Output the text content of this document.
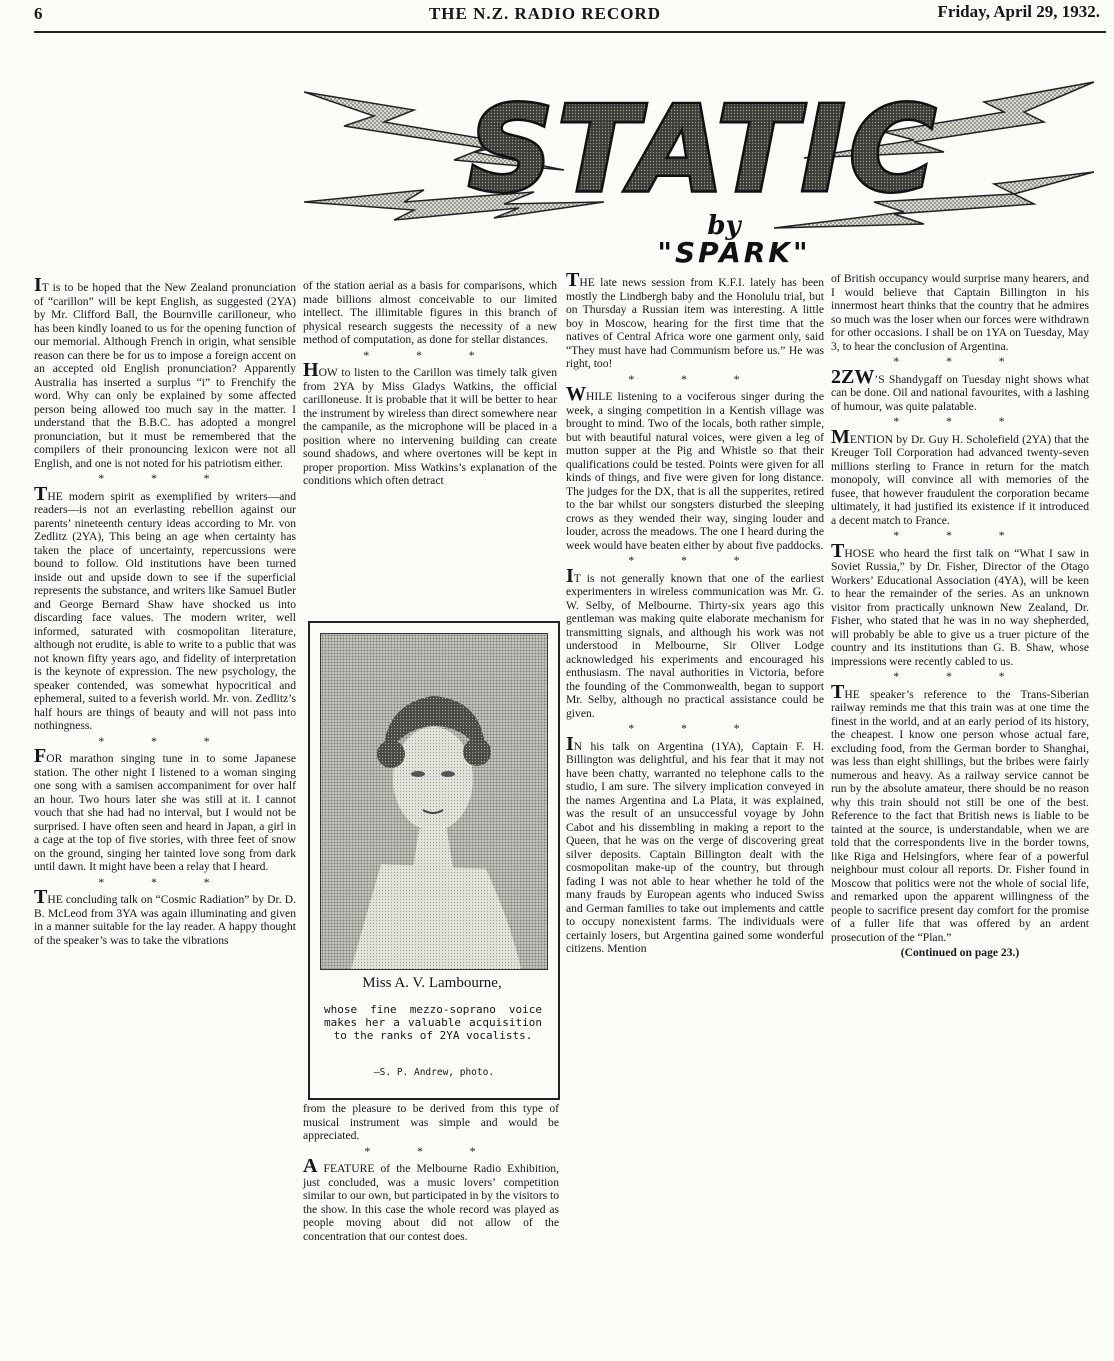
6	THE N.Z. RADIO RECORD	Friday, April 29, 1932.
STATIC
by
"SPARK"

IT is to be hoped that the New Zealand pronunciation of “carillon” will be kept English, as suggested (2YA) by Mr. Clifford Ball, the Bournville carilloneur, who has been kindly loaned to us for the opening function of our memorial. Although French in origin, what sensible reason can there be for us to impose a foreign accent on an accepted old English pronunciation? Apparently Australia has inserted a surplus “i” to Frenchify the word. Why can only be explained by some affected person being allowed too much say in the matter. I understand that the B.B.C. has adopted a mongrel pronunciation, but it must be remembered that the compilers of their pronouncing lexicon were not all English, and one is not noted for his patriotism either.

* * *

THE modern spirit as exemplified by writers—and readers—is not an everlasting rebellion against our parents’ nineteenth century ideas according to Mr. von Zedlitz (2YA), This being an age when certainty has taken the place of uncertainty, repercussions were bound to follow. Old institutions have been turned inside out and upside down to see if the superficial represents the substance, and writers like Samuel Butler and George Bernard Shaw have shocked us into discarding face values. The modern writer, well informed, saturated with cosmopolitan literature, although not erudite, is able to write to a public that was not known fifty years ago, and fidelity of interpretation is the keynote of expression. The new psychology, the speaker contended, was somewhat hypocritical and ephemeral, suited to a feverish world. Mr. von. Zedlitz’s half hours are things of beauty and will not pass into nothingness.

* * *

FOR marathon singing tune in to some Japanese station. The other night I listened to a woman singing one song with a samisen accompaniment for over half an hour. Two hours later she was still at it. I cannot vouch that she had had no interval, but I would not be surprised. I have often seen and heard in Japan, a girl in a cage at the top of five stories, with three feet of snow on the ground, singing her tainted love song from dark until dawn. It might have been a relay that I heard.

* * *

THE concluding talk on “Cosmic Radiation” by Dr. D. B. McLeod from 3YA was again illuminating and given in a manner suitable for the lay reader. A happy thought of the speaker’s was to take the vibrations

of the station aerial as a basis for comparisons, which made billions almost conceivable to our limited intellect. The illimitable figures in this branch of physical research suggests the necessity of a new method of computation, as done for stellar distances.

* * *

HOW to listen to the Carillon was timely talk given from 2YA by Miss Gladys Watkins, the official carilloneuse. It is probable that it will be better to hear the instrument by wireless than direct somewhere near the campanile, as the microphone will be placed in a position where no intervening building can create sound shadows, and where overtones will be kept in proper proportion. Miss Watkins’s explanation of the conditions which often detract

Miss A. V. Lambourne,
whose fine mezzo-soprano voice makes her a valuable acquisition to the ranks of 2YA vocalists.
—S. P. Andrew, photo.

from the pleasure to be derived from this type of musical instrument was simple and would be appreciated.

* * *

A FEATURE of the Melbourne Radio Exhibition, just concluded, was a music lovers’ competition similar to our own, but participated in by the visitors to the show. In this case the whole record was played as people moving about did not allow of the concentration that our contest does.

THE late news session from K.F.I. lately has been mostly the Lindbergh baby and the Honolulu trial, but on Thursday a Russian item was interesting. A little boy in Moscow, hearing for the first time that the natives of Central Africa wore one garment only, said “They must have had Communism before us.” He was right, too!

* * *

WHILE listening to a vociferous singer during the week, a singing competition in a Kentish village was brought to mind. Two of the locals, both rather simple, but with beautiful natural voices, were given a leg of mutton supper at the Pig and Whistle so that their qualifications could be tested. Points were given for all kinds of things, and five were given for long distance. The judges for the DX, that is all the supperites, retired to the bar whilst our songsters disturbed the sleeping crows as they wended their way, singing louder and louder, across the meadows. The one I heard during the week would have beaten either by about five paddocks.

* * *

IT is not generally known that one of the earliest experimenters in wireless communication was Mr. G. W. Selby, of Melbourne. Thirty-six years ago this gentleman was making quite elaborate mechanism for transmitting signals, and although his work was not understood in Melbourne, Sir Oliver Lodge acknowledged his experiments and encouraged his enthusiasm. The naval authorities in Victoria, before the founding of the Commonwealth, began to support Mr. Selby, although no practical assistance could be given.

* * *

IN his talk on Argentina (1YA), Captain F. H. Billington was delightful, and his fear that it may not have been chatty, warranted no telephone calls to the studio, I am sure. The silvery implication conveyed in the names Argentina and La Plata, it was explained, was the result of an unsuccessful voyage by John Cabot and his dissembling in making a report to the Queen, that he was on the verge of discovering great silver deposits. Captain Billington dealt with the cosmopolitan make-up of the country, but through fading I was not able to hear whether he told of the many frauds by European agents who induced Swiss and German families to take out implements and cattle to occupy nonexistent farms. The individuals were certainly losers, but Argentina gained some wonderful citizens. Mention

of British occupancy would surprise many hearers, and I would believe that Captain Billington in his innermost heart thinks that the country that he admires so much was the loser when our forces were withdrawn for other occasions. I shall be on 1YA on Tuesday, May 3, to hear the conclusion of Argentina.

* * *

2ZW’S Shandygaff on Tuesday night shows what can be done. Oil and national favourites, with a lashing of humour, was quite palatable.

* * *

MENTION by Dr. Guy H. Scholefield (2YA) that the Kreuger Toll Corporation had advanced twenty-seven millions sterling to France in return for the match monopoly, will convince all with memories of the fusee, that however fraudulent the corporation became ultimately, it had justified its existence if it introduced a decent match to France.

* * *

THOSE who heard the first talk on “What I saw in Soviet Russia,” by Dr. Fisher, Director of the Otago Workers’ Educational Association (4YA), will be keen to hear the remainder of the series. As an unknown visitor from practically unknown New Zealand, Dr. Fisher, who stated that he was in no way shepherded, will probably be able to give us a truer picture of the country and its institutions than G. B. Shaw, whose impressions were recently cabled to us.

* * *

THE speaker’s reference to the Trans-Siberian railway reminds me that this train was at one time the finest in the world, and at an early period of its history, the cheapest. I know one person whose actual fare, excluding food, from the German border to Shanghai, was less than eight shillings, but the bribes were fairly numerous and heavy. As a railway service cannot be run by the absolute amateur, there should be no reason why this train should not still be one of the best. Reference to the fact that British news is liable to be tainted at the source, is understandable, when we are told that the correspondents live in the border towns, like Riga and Helsingfors, where fear of a powerful neighbour must colour all reports. Dr. Fisher found in Moscow that politics were not the whole of social life, and remarked upon the apparent willingness of the people to sacrifice present day comfort for the promise of a fuller life that was offered by an ardent prosecution of the “Plan.”

(Continued on page 23.)
